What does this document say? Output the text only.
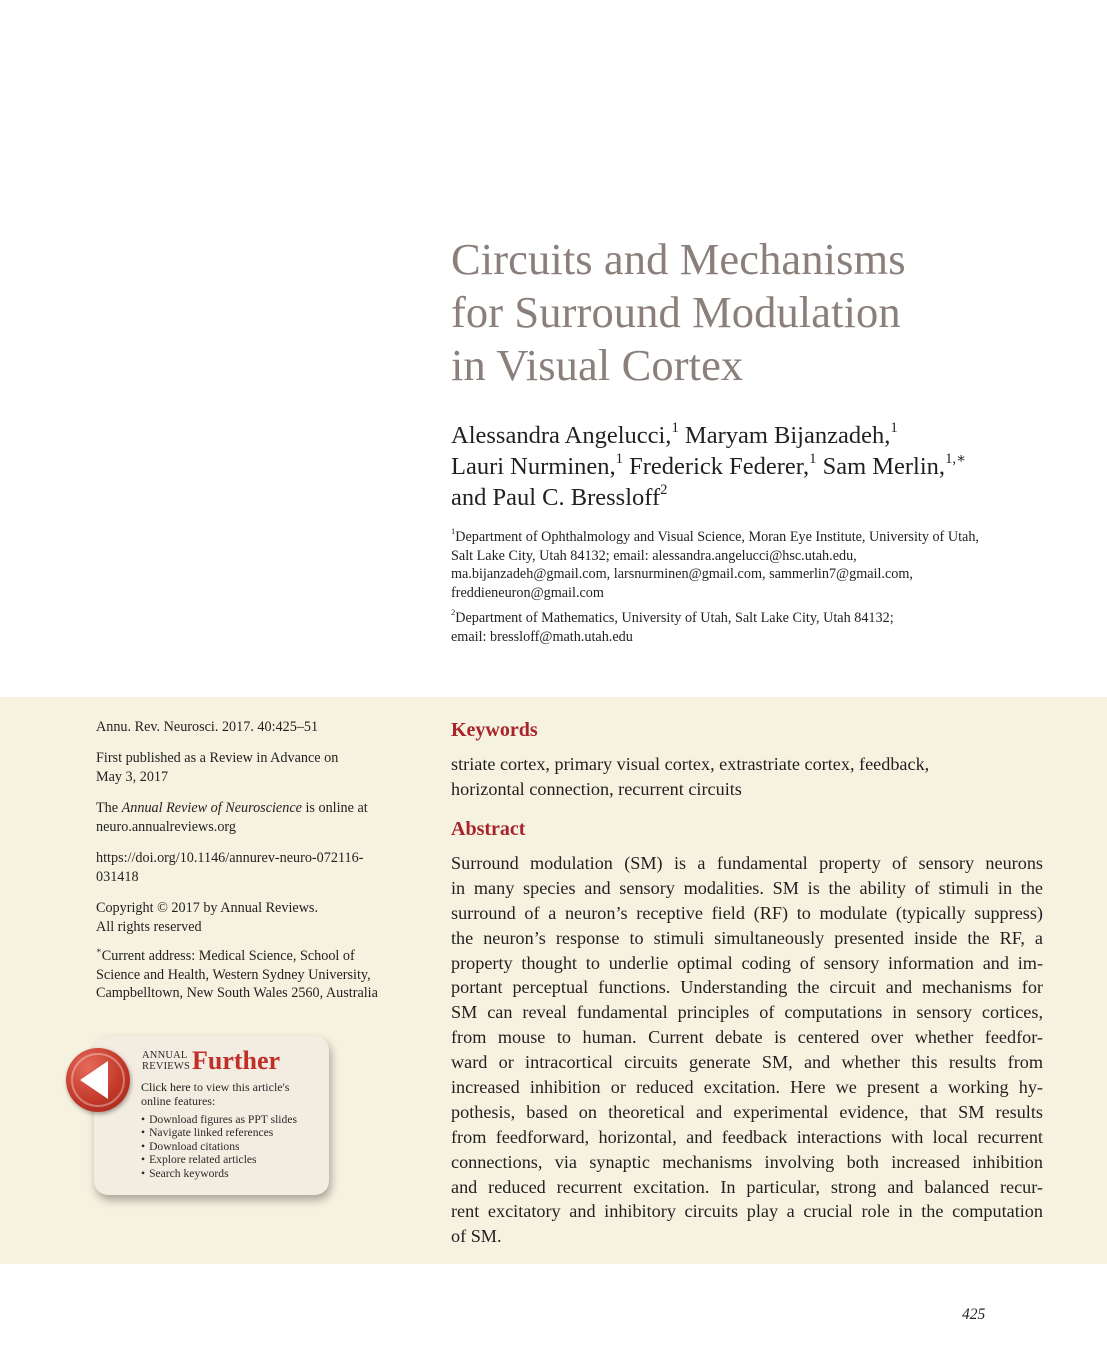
Circuits and Mechanisms
for Surround Modulation
in Visual Cortex
Alessandra Angelucci,$^1$ Maryam Bijanzadeh,$^1$
Lauri Nurminen,$^1$ Frederick Federer,$^1$ Sam Merlin,$^{1,∗}$
and Paul C. Bressloff$^2$
$^1$Department of Ophthalmology and Visual Science, Moran Eye Institute, University of Utah,
Salt Lake City, Utah 84132; email: alessandra.angelucci@hsc.utah.edu,
ma.bijanzadeh@gmail.com, larsnurminen@gmail.com, sammerlin7@gmail.com,
freddieneuron@gmail.com
$^2$Department of Mathematics, University of Utah, Salt Lake City, Utah 84132;
email: bressloff@math.utah.edu
Annu. Rev. Neurosci. 2017. 40:425–51
First published as a Review in Advance on
May 3, 2017
The Annual Review of Neuroscience is online at
neuro.annualreviews.org
https://doi.org/10.1146/annurev-neuro-072116-
031418
Copyright © 2017 by Annual Reviews.
All rights reserved
∗Current address: Medical Science, School of
Science and Health, Western Sydney University,
Campbelltown, New South Wales 2560, Australia
ANNUAL
REVIEWS Further
Click here to view this article's
online features:
• Download figures as PPT slides
• Navigate linked references
• Download citations
• Explore related articles
• Search keywords
Keywords
striate cortex, primary visual cortex, extrastriate cortex, feedback,
horizontal connection, recurrent circuits
Abstract
Surround modulation (SM) is a fundamental property of sensory neurons
in many species and sensory modalities. SM is the ability of stimuli in the
surround of a neuron’s receptive field (RF) to modulate (typically suppress)
the neuron’s response to stimuli simultaneously presented inside the RF, a
property thought to underlie optimal coding of sensory information and im-
portant perceptual functions. Understanding the circuit and mechanisms for
SM can reveal fundamental principles of computations in sensory cortices,
from mouse to human. Current debate is centered over whether feedfor-
ward or intracortical circuits generate SM, and whether this results from
increased inhibition or reduced excitation. Here we present a working hy-
pothesis, based on theoretical and experimental evidence, that SM results
from feedforward, horizontal, and feedback interactions with local recurrent
connections, via synaptic mechanisms involving both increased inhibition
and reduced recurrent excitation. In particular, strong and balanced recur-
rent excitatory and inhibitory circuits play a crucial role in the computation
of SM.
425
